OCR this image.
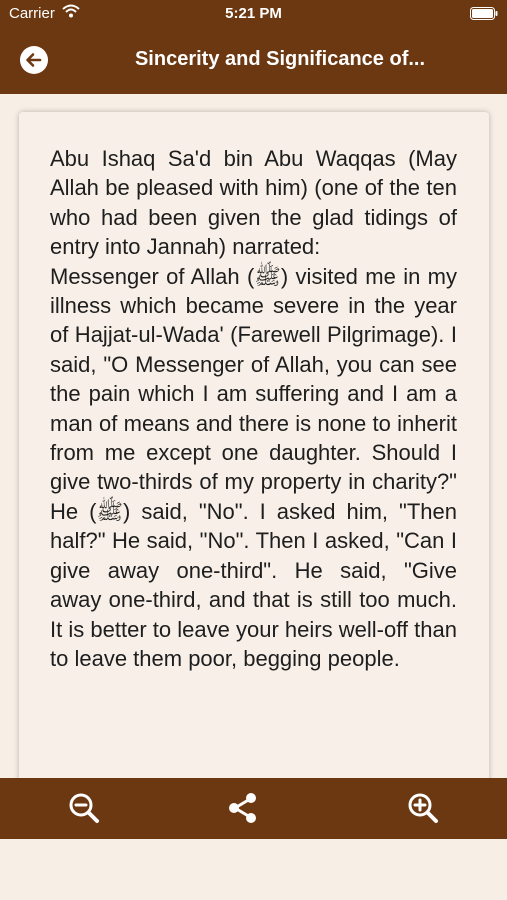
Carrier	5:21 PM
Sincerity and Significance of...

Abu Ishaq Sa'd bin Abu Waqqas (May Allah be pleased with him) (one of the ten who had been given the glad tidings of entry into Jannah) narrated:

Messenger of Allah (ﷺ) visited me in my illness which became severe in the year of Hajjat-ul-Wada' (Farewell Pilgrimage). I said, "O Messenger of Allah, you can see the pain which I am suffering and I am a man of means and there is none to inherit from me except one daughter. Should I give two-thirds of my property in charity?" He (ﷺ) said, "No". I asked him, "Then half?" He said, "No". Then I asked, "Can I give away one-third". He said, "Give away one-third, and that is still too much. It is better to leave your heirs well-off than to leave them poor, begging people.
